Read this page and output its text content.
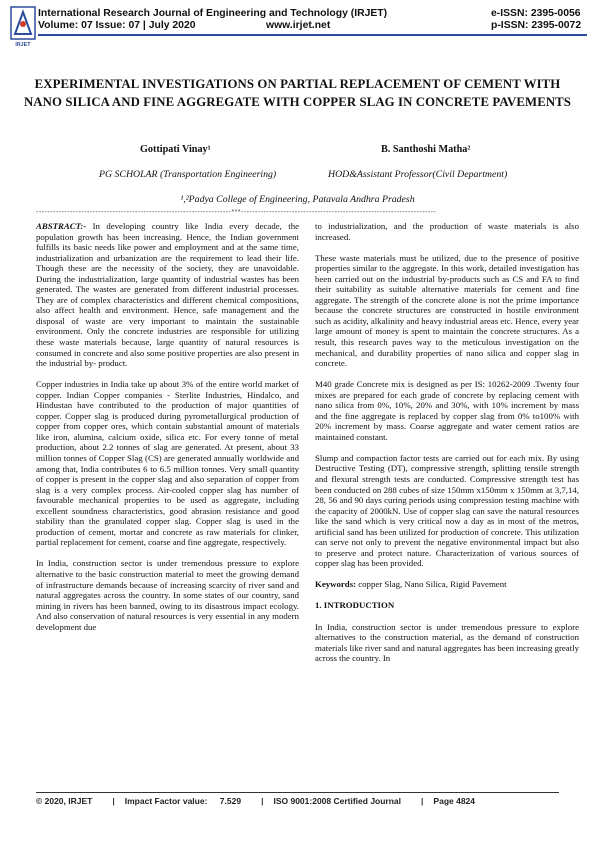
IRJET
International Research Journal of Engineering and Technology (IRJET)
Volume: 07 Issue: 07 | July 2020	www.irjet.net
e-ISSN: 2395-0056
p-ISSN: 2395-0072
EXPERIMENTAL INVESTIGATIONS ON PARTIAL REPLACEMENT OF CEMENT WITH NANO SILICA AND FINE AGGREGATE WITH COPPER SLAG IN CONCRETE PAVEMENTS
Gottipati Vinay¹	B. Santhoshi Matha²
PG SCHOLAR (Transportation Engineering)	HOD&Assistant Professor(Civil Department)
¹,²Padya College of Engineering, Patavala Andhra Pradesh
---------------------------------------------------------------------***---------------------------------------------------------------------

ABSTRACT:- In developing country like India every decade, the population growth has been increasing. Hence, the Indian government fulfills its basic needs like power and employment and at the same time, industrialization and urbanization are the requirement to lead their life. Though these are the necessity of the society, they are unavoidable. During the industrialization, large quantity of industrial wastes has been generated. The wastes are generated from different industrial processes. They are of complex characteristics and different chemical compositions, also affect health and environment. Hence, safe management and the disposal of waste are very important to maintain the sustainable environment. Only the concrete industries are responsible for utilizing these waste materials because, large quantity of natural resources is consumed in concrete and also some positive properties are also present in the industrial by- product.

Copper industries in India take up about 3% of the entire world market of copper. Indian Copper companies - Sterlite Industries, Hindalco, and Hindustan have contributed to the production of major quantities of copper. Copper slag is produced during pyrometallurgical production of copper from copper ores, which contain substantial amount of materials like iron, alumina, calcium oxide, silica etc. For every tonne of metal production, about 2.2 tonnes of slag are generated. At present, about 33 million tonnes of Copper Slag (CS) are generated annually worldwide and among that, India contributes 6 to 6.5 million tonnes. Very small quantity of copper is present in the copper slag and also separation of copper from slag is a very complex process. Air-cooled copper slag has number of favourable mechanical properties to be used as aggregate, including excellent soundness characteristics, good abrasion resistance and good stability than the granulated copper slag. Copper slag is used in the production of cement, mortar and concrete as raw materials for clinker, partial replacement for cement, coarse and fine aggregate, respectively.

In India, construction sector is under tremendous pressure to explore alternative to the basic construction material to meet the growing demand of infrastructure demands because of increasing scarcity of river sand and natural aggregates across the country. In some states of our country, sand mining in rivers has been banned, owing to its disastrous impact ecology. And also conservation of natural resources is very essential in any modern development due

to industrialization, and the production of waste materials is also increased.

These waste materials must be utilized, due to the presence of positive properties similar to the aggregate. In this work, detailed investigation has been carried out on the industrial by-products such as CS and FA to find their suitability as suitable alternative materials for cement and fine aggregate. The strength of the concrete alone is not the prime importance because the concrete structures are constructed in hostile environment such as acidity, alkalinity and heavy industrial areas etc. Hence, every year large amount of money is spent to maintain the concrete structures. As a result, this research paves way to the meticulous investigation on the mechanical, and durability properties of nano silica and copper slag in concrete.

M40 grade Concrete mix is designed as per IS: 10262-2009 .Twenty four mixes are prepared for each grade of concrete by replacing cement with nano silica from 0%, 10%, 20% and 30%, with 10% increment by mass and the fine aggregate is replaced by copper slag from 0% to100% with 20% increment by mass. Coarse aggregate and water cement ratios are maintained constant.

Slump and compaction factor tests are carried out for each mix. By using Destructive Testing (DT), compressive strength, splitting tensile strength and flexural strength tests are conducted. Compressive strength test has been conducted on 288 cubes of size 150mm x150mm x 150mm at 3,7,14, 28, 56 and 90 days curing periods using compression testing machine with the capacity of 2000kN. Use of copper slag can save the natural resources like the sand which is very critical now a day as in most of the metros, artificial sand has been utilized for production of concrete. This utilization can serve not only to prevent the negative environmental impact but also to preserve and protect nature. Characterization of various sources of copper slag has been provided.

Keywords: copper Slag, Nano Silica, Rigid Pavement

1. INTRODUCTION

In India, construction sector is under tremendous pressure to explore alternatives to the construction material, as the demand of construction materials like river sand and natural aggregates has been increasing greatly across the country. In

© 2020, IRJET | Impact Factor value: 7.529 | ISO 9001:2008 Certified Journal | Page 4824
